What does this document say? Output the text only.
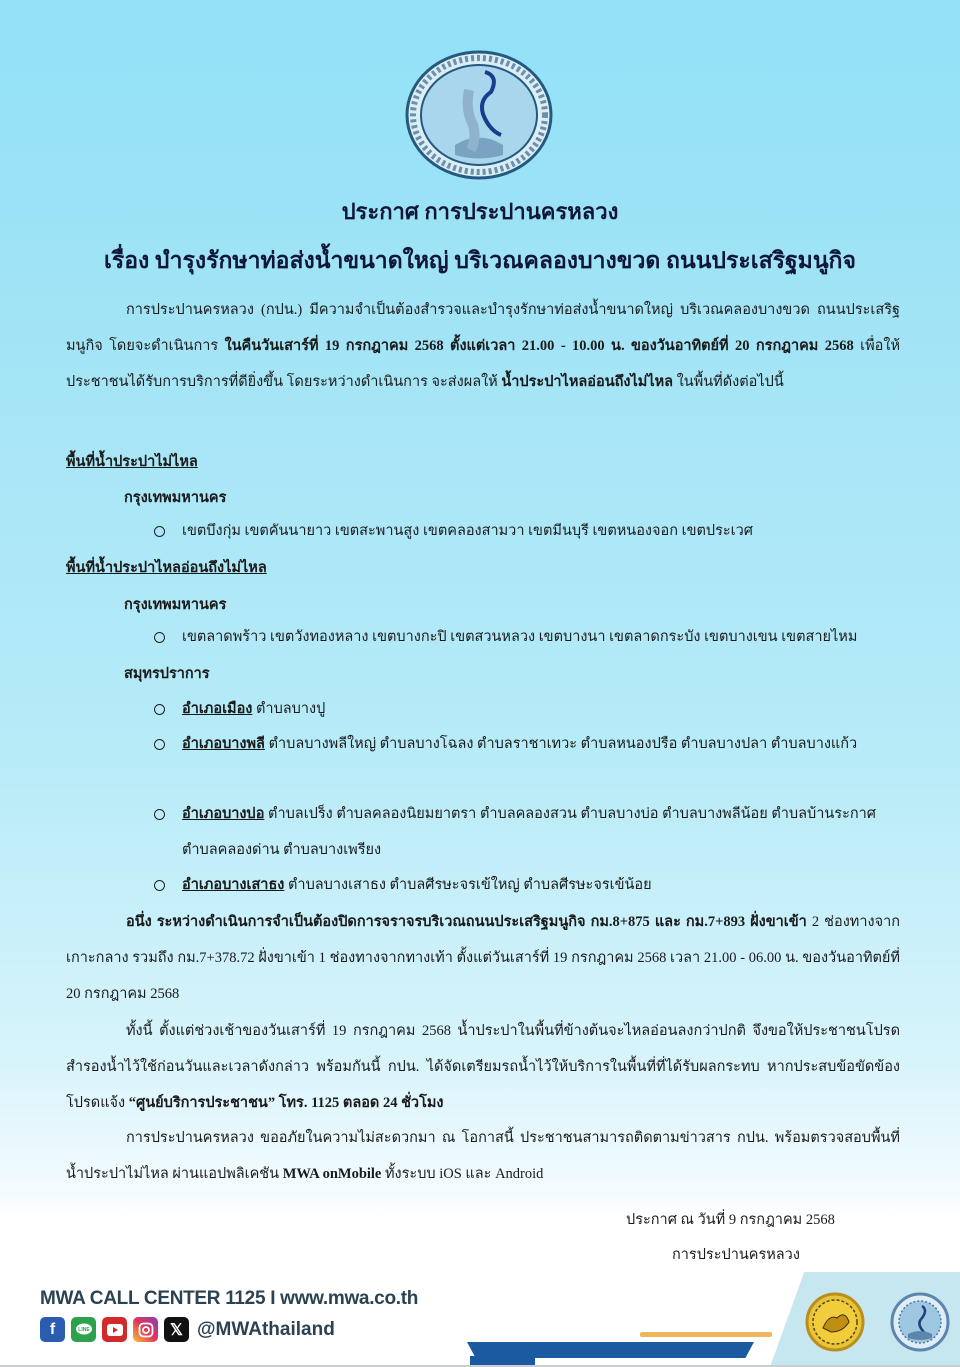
ประกาศ การประปานครหลวง
เรื่อง บำรุงรักษาท่อส่งน้ำขนาดใหญ่ บริเวณคลองบางขวด ถนนประเสริฐมนูกิจ
การประปานครหลวง (กปน.) มีความจำเป็นต้องสำรวจและบำรุงรักษาท่อส่งน้ำขนาดใหญ่ บริเวณคลองบางขวด ถนนประเสริฐมนูกิจ โดยจะดำเนินการ ในคืนวันเสาร์ที่ 19 กรกฎาคม 2568 ตั้งแต่เวลา 21.00 - 10.00 น. ของวันอาทิตย์ที่ 20 กรกฎาคม 2568 เพื่อให้ประชาชนได้รับการบริการที่ดียิ่งขึ้น โดยระหว่างดำเนินการ จะส่งผลให้ น้ำประปาไหลอ่อนถึงไม่ไหล ในพื้นที่ดังต่อไปนี้
พื้นที่น้ำประปาไม่ไหล
กรุงเทพมหานคร
เขตบึงกุ่ม เขตคันนายาว เขตสะพานสูง เขตคลองสามวา เขตมีนบุรี เขตหนองจอก เขตประเวศ
พื้นที่น้ำประปาไหลอ่อนถึงไม่ไหล
กรุงเทพมหานคร
เขตลาดพร้าว เขตวังทองหลาง เขตบางกะปิ เขตสวนหลวง เขตบางนา เขตลาดกระบัง เขตบางเขน เขตสายไหม
สมุทรปราการ
อำเภอเมือง ตำบลบางปู
อำเภอบางพลี ตำบลบางพลีใหญ่ ตำบลบางโฉลง ตำบลราชาเทวะ ตำบลหนองปรือ ตำบลบางปลา ตำบลบางแก้ว
อำเภอบางบ่อ ตำบลเปร็ง ตำบลคลองนิยมยาตรา ตำบลคลองสวน ตำบลบางบ่อ ตำบลบางพลีน้อย ตำบลบ้านระกาศ ตำบลคลองด่าน ตำบลบางเพรียง
อำเภอบางเสาธง ตำบลบางเสาธง ตำบลศีรษะจรเข้ใหญ่ ตำบลศีรษะจรเข้น้อย
อนึ่ง ระหว่างดำเนินการจำเป็นต้องปิดการจราจรบริเวณถนนประเสริฐมนูกิจ กม.8+875 และ กม.7+893 ฝั่งขาเข้า 2 ช่องทางจากเกาะกลาง รวมถึง กม.7+378.72 ฝั่งขาเข้า 1 ช่องทางจากทางเท้า ตั้งแต่วันเสาร์ที่ 19 กรกฎาคม 2568 เวลา 21.00 - 06.00 น. ของวันอาทิตย์ที่ 20 กรกฎาคม 2568
ทั้งนี้ ตั้งแต่ช่วงเช้าของวันเสาร์ที่ 19 กรกฎาคม 2568 น้ำประปาในพื้นที่ข้างต้นจะไหลอ่อนลงกว่าปกติ จึงขอให้ประชาชนโปรดสำรองน้ำไว้ใช้ก่อนวันและเวลาดังกล่าว พร้อมกันนี้ กปน. ได้จัดเตรียมรถน้ำไว้ให้บริการในพื้นที่ที่ได้รับผลกระทบ หากประสบข้อขัดข้องโปรดแจ้ง “ศูนย์บริการประชาชน” โทร. 1125 ตลอด 24 ชั่วโมง
การประปานครหลวง ขออภัยในความไม่สะดวกมา ณ โอกาสนี้ ประชาชนสามารถติดตามข่าวสาร กปน. พร้อมตรวจสอบพื้นที่น้ำประปาไม่ไหล ผ่านแอปพลิเคชัน MWA onMobile ทั้งระบบ iOS และ Android
ประกาศ ณ วันที่ 9 กรกฎาคม 2568
การประปานครหลวง
MWA CALL CENTER 1125 I www.mwa.co.th
f	LINE	𝕏 @MWAthailand
